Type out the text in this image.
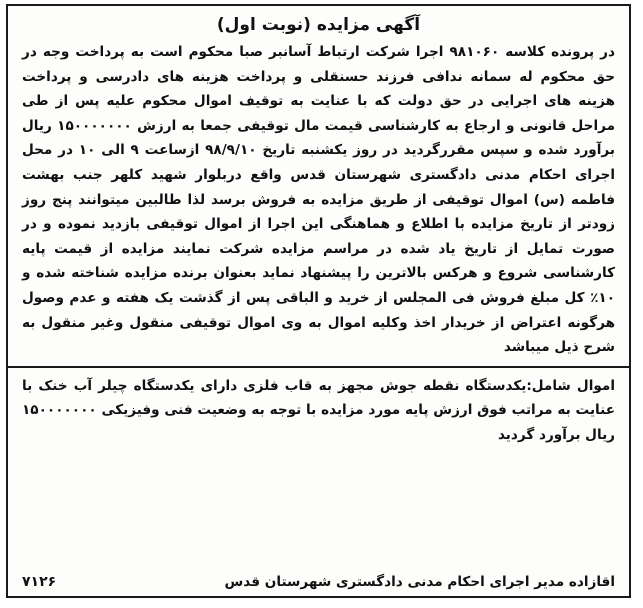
آگهی مزایده (نوبت اول)

در پرونده کلاسه ۹۸۱۰۶۰ اجرا شرکت ارتباط آسانبر صبا محکوم است به پرداخت وجه در حق محکوم له سمانه ندافی فرزند حسنقلی و پرداخت هزینه های دادرسی و پرداخت هزینه های اجرایی در حق دولت که با عنایت به توقیف اموال محکوم علیه پس از طی مراحل قانونی و ارجاع به کارشناسی قیمت مال توقیفی جمعا به ارزش ۱۵۰۰۰۰۰۰۰ ریال برآورد شده و سپس مقررگردید در روز یکشنبه تاریخ ۹۸/۹/۱۰ ازساعت ۹ الی ۱۰ در محل اجرای احکام مدنی دادگستری شهرستان قدس واقع دربلوار شهید کلهر جنب بهشت فاطمه (س) اموال توقیفی از طریق مزایده به فروش برسد لذا طالبین میتوانند پنج روز زودتر از تاریخ مزایده با اطلاع و هماهنگی این اجرا از اموال توقیفی بازدید نموده و در صورت تمایل از تاریخ یاد شده در مراسم مزایده شرکت نمایند مزایده از قیمت پایه کارشناسی شروع و هرکس بالاترین را پیشنهاد نماید بعنوان برنده مزایده شناخته شده و ۱۰٪ کل مبلغ فروش فی المجلس از خرید و الباقی پس از گذشت یک هفته و عدم وصول هرگونه اعتراض از خریدار اخذ وکلیه اموال به وی اموال توقیفی منقول وغیر منقول به شرح ذیل میباشد

اموال شامل:یکدستگاه نقطه جوش مجهز به قاب فلزی دارای یکدستگاه چیلر آب خنک با عنایت به مراتب فوق ارزش پایه مورد مزایده با توجه به وضعیت فنی وفیزیکی ۱۵۰۰۰۰۰۰۰ ریال برآورد گردید

اقازاده مدیر اجرای احکام مدنی دادگستری شهرستان قدس
۷۱۲۶
